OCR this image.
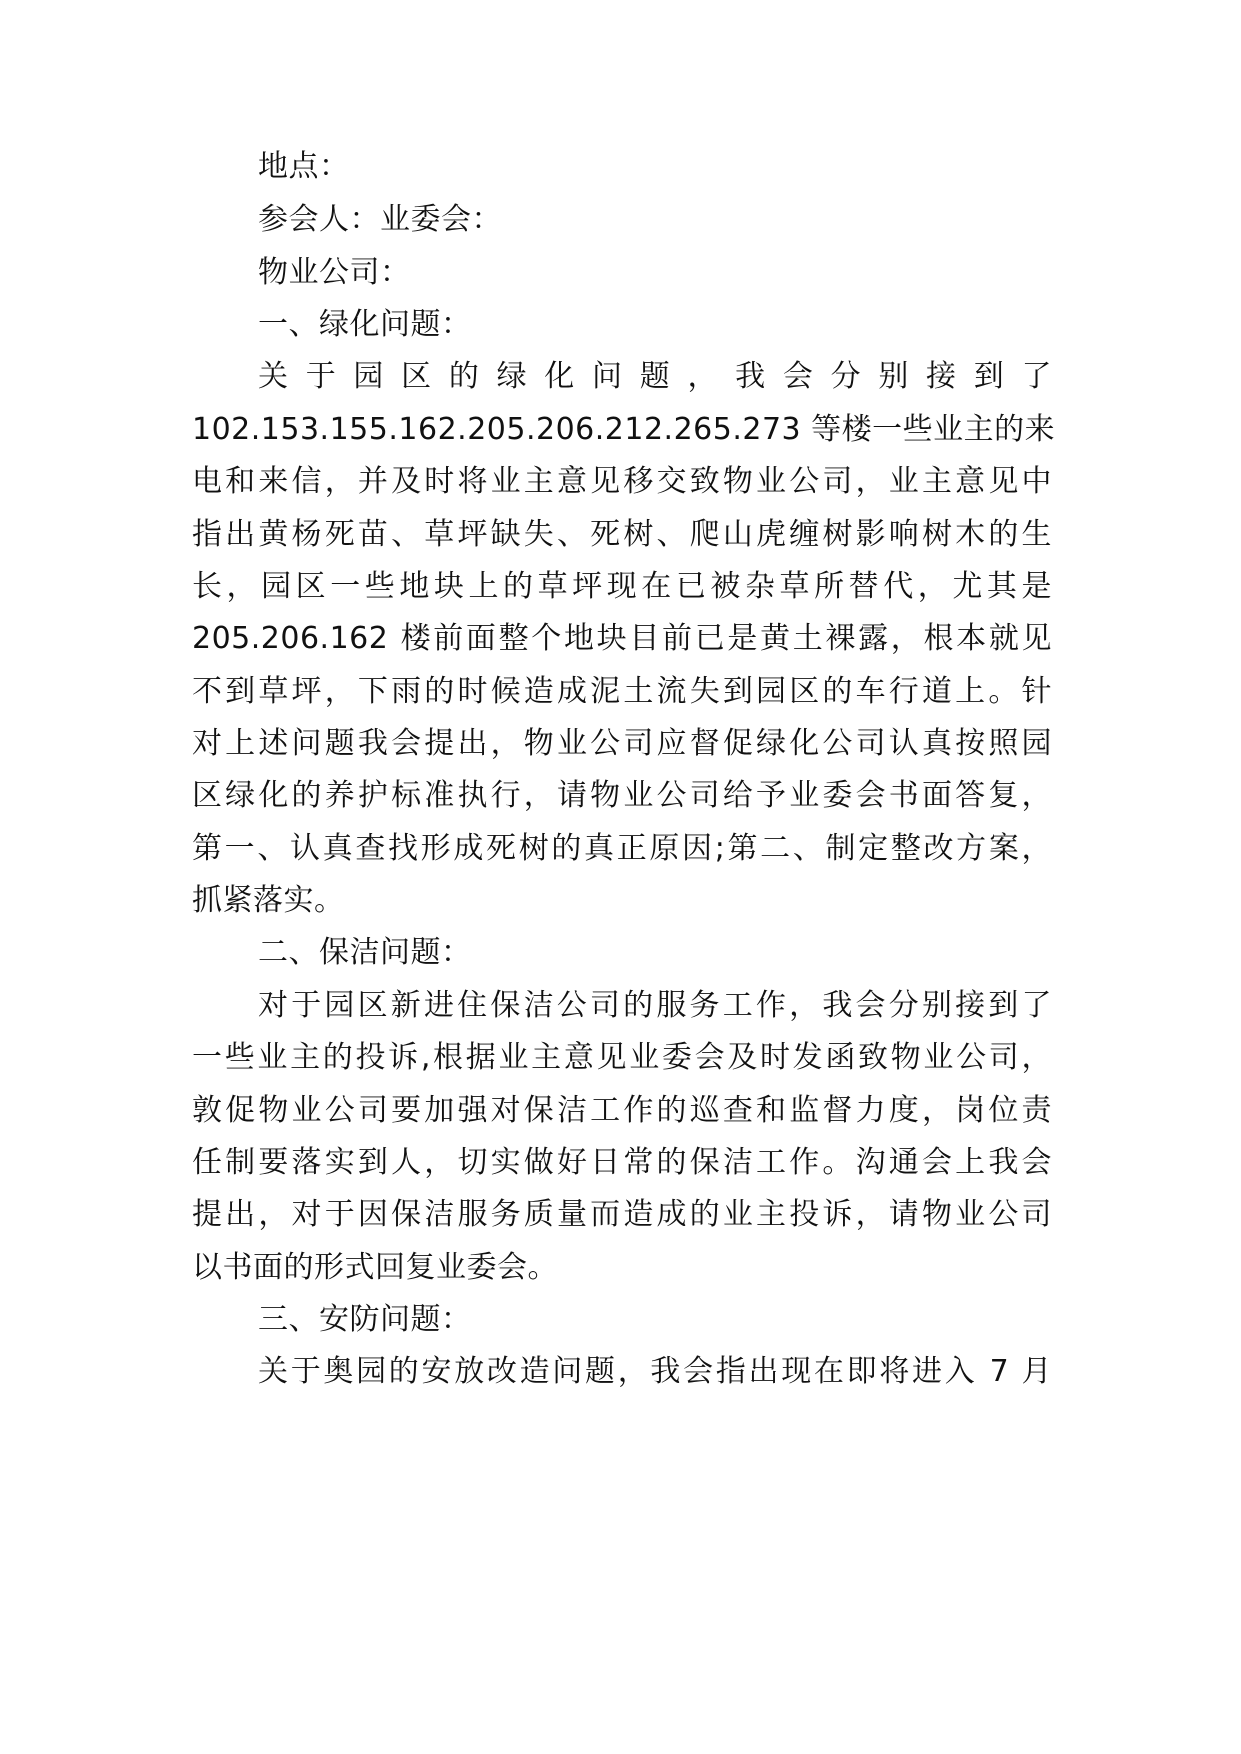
地点：
参会人：业委会：
物业公司：
一、绿化问题：
关 于 园 区 的 绿 化 问 题 ， 我 会 分 别 接 到 了
102.153.155.162.205.206.212.265.273 等楼一些业主的来
电和来信，并及时将业主意见移交致物业公司，业主意见中
指出黄杨死苗、草坪缺失、死树、爬山虎缠树影响树木的生
长，园区一些地块上的草坪现在已被杂草所替代，尤其是
205.206.162 楼前面整个地块目前已是黄土裸露，根本就见
不到草坪，下雨的时候造成泥土流失到园区的车行道上。针
对上述问题我会提出，物业公司应督促绿化公司认真按照园
区绿化的养护标准执行，请物业公司给予业委会书面答复，
第一、认真查找形成死树的真正原因;第二、制定整改方案，
抓紧落实。
二、保洁问题：
对于园区新进住保洁公司的服务工作，我会分别接到了
一些业主的投诉,根据业主意见业委会及时发函致物业公司，
敦促物业公司要加强对保洁工作的巡查和监督力度，岗位责
任制要落实到人，切实做好日常的保洁工作。沟通会上我会
提出，对于因保洁服务质量而造成的业主投诉，请物业公司
以书面的形式回复业委会。
三、安防问题：
关于奥园的安放改造问题，我会指出现在即将进入 7 月
